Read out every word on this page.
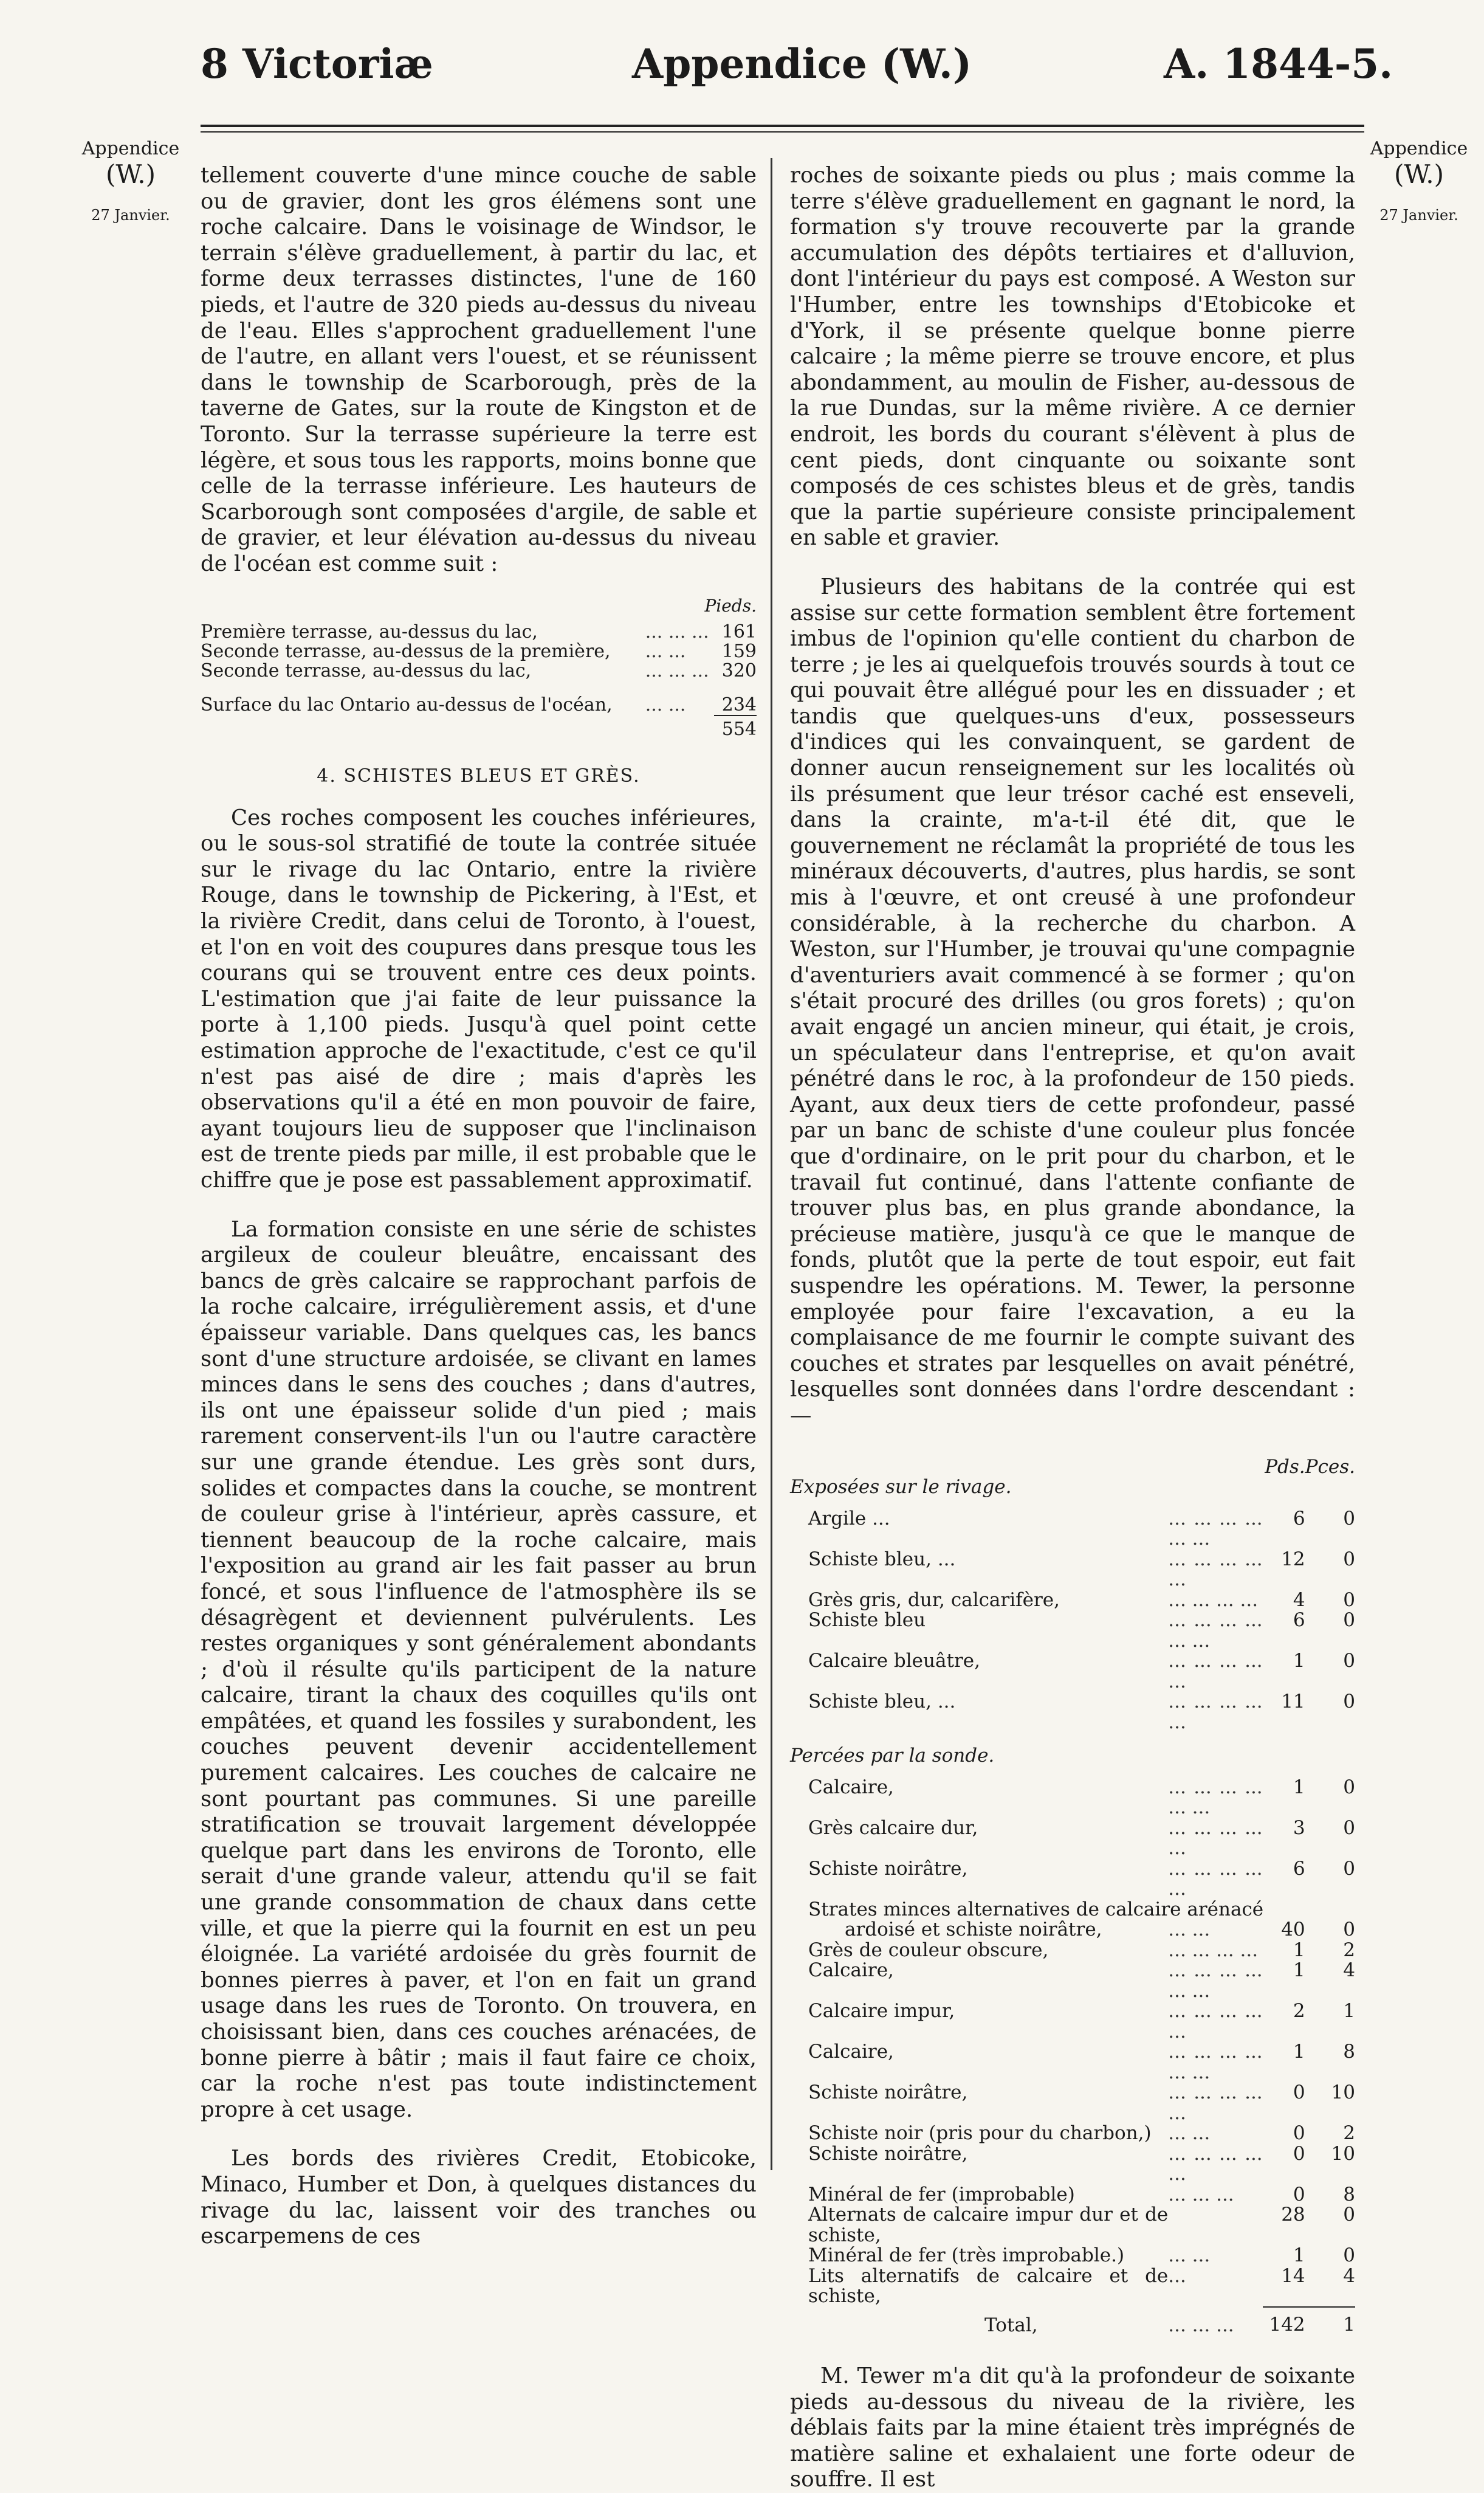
8 Victoriæ	Appendice (W.)	A. 1844-5.
Appendice
(W.)
27 Janvier.
Appendice
(W.)
27 Janvier.

tellement couverte d'une mince couche de sable ou de gravier, dont les gros élémens sont une roche calcaire. Dans le voisinage de Windsor, le terrain s'élève graduellement, à partir du lac, et forme deux terrasses distinctes, l'une de 160 pieds, et l'autre de 320 pieds au-dessus du niveau de l'eau. Elles s'approchent graduellement l'une de l'autre, en allant vers l'ouest, et se réunissent dans le township de Scarborough, près de la taverne de Gates, sur la route de Kingston et de Toronto. Sur la terrasse supérieure la terre est légère, et sous tous les rapports, moins bonne que celle de la terrasse inférieure. Les hauteurs de Scarborough sont composées d'argile, de sable et de gravier, et leur élévation au-dessus du niveau de l'océan est comme suit :

Pieds.
Première terrasse, au-dessus du lac,	... ... ...	161
Seconde terrasse, au-dessus de la première,	... ...	159
Seconde terrasse, au-dessus du lac,	... ... ...	320

Surface du lac Ontario au-dessus de l'océan,	... ...	234
		554
4. SCHISTES BLEUS ET GRÈS.

Ces roches composent les couches inférieures, ou le sous-sol stratifié de toute la contrée située sur le rivage du lac Ontario, entre la rivière Rouge, dans le township de Pickering, à l'Est, et la rivière Credit, dans celui de Toronto, à l'ouest, et l'on en voit des coupures dans presque tous les courans qui se trouvent entre ces deux points. L'estimation que j'ai faite de leur puissance la porte à 1,100 pieds. Jusqu'à quel point cette estimation approche de l'exactitude, c'est ce qu'il n'est pas aisé de dire ; mais d'après les observations qu'il a été en mon pouvoir de faire, ayant toujours lieu de supposer que l'inclinaison est de trente pieds par mille, il est probable que le chiffre que je pose est passablement approximatif.

La formation consiste en une série de schistes argileux de couleur bleuâtre, encaissant des bancs de grès calcaire se rapprochant parfois de la roche calcaire, irrégulièrement assis, et d'une épaisseur variable. Dans quelques cas, les bancs sont d'une structure ardoisée, se clivant en lames minces dans le sens des couches ; dans d'autres, ils ont une épaisseur solide d'un pied ; mais rarement conservent-ils l'un ou l'autre caractère sur une grande étendue. Les grès sont durs, solides et compactes dans la couche, se montrent de couleur grise à l'intérieur, après cassure, et tiennent beaucoup de la roche calcaire, mais l'exposition au grand air les fait passer au brun foncé, et sous l'influence de l'atmosphère ils se désagrègent et deviennent pulvérulents. Les restes organiques y sont généralement abondants ; d'où il résulte qu'ils participent de la nature calcaire, tirant la chaux des coquilles qu'ils ont empâtées, et quand les fossiles y surabondent, les couches peuvent devenir accidentellement purement calcaires. Les couches de calcaire ne sont pourtant pas communes. Si une pareille stratification se trouvait largement développée quelque part dans les environs de Toronto, elle serait d'une grande valeur, attendu qu'il se fait une grande consommation de chaux dans cette ville, et que la pierre qui la fournit en est un peu éloignée. La variété ardoisée du grès fournit de bonnes pierres à paver, et l'on en fait un grand usage dans les rues de Toronto. On trouvera, en choisissant bien, dans ces couches arénacées, de bonne pierre à bâtir ; mais il faut faire ce choix, car la roche n'est pas toute indistinctement propre à cet usage.

Les bords des rivières Credit, Etobicoke, Minaco, Humber et Don, à quelques distances du rivage du lac, laissent voir des tranches ou escarpemens de ces

roches de soixante pieds ou plus ; mais comme la terre s'élève graduellement en gagnant le nord, la formation s'y trouve recouverte par la grande accumulation des dépôts tertiaires et d'alluvion, dont l'intérieur du pays est composé. A Weston sur l'Humber, entre les townships d'Etobicoke et d'York, il se présente quelque bonne pierre calcaire ; la même pierre se trouve encore, et plus abondamment, au moulin de Fisher, au-dessous de la rue Dundas, sur la même rivière. A ce dernier endroit, les bords du courant s'élèvent à plus de cent pieds, dont cinquante ou soixante sont composés de ces schistes bleus et de grès, tandis que la partie supérieure consiste principalement en sable et gravier.

Plusieurs des habitans de la contrée qui est assise sur cette formation semblent être fortement imbus de l'opinion qu'elle contient du charbon de terre ; je les ai quelquefois trouvés sourds à tout ce qui pouvait être allégué pour les en dissuader ; et tandis que quelques-uns d'eux, possesseurs d'indices qui les convainquent, se gardent de donner aucun renseignement sur les localités où ils présument que leur trésor caché est enseveli, dans la crainte, m'a-t-il été dit, que le gouvernement ne réclamât la propriété de tous les minéraux découverts, d'autres, plus hardis, se sont mis à l'œuvre, et ont creusé à une profondeur considérable, à la recherche du charbon. A Weston, sur l'Humber, je trouvai qu'une compagnie d'aventuriers avait commencé à se former ; qu'on s'était procuré des drilles (ou gros forets) ; qu'on avait engagé un ancien mineur, qui était, je crois, un spéculateur dans l'entreprise, et qu'on avait pénétré dans le roc, à la profondeur de 150 pieds. Ayant, aux deux tiers de cette profondeur, passé par un banc de schiste d'une couleur plus foncée que d'ordinaire, on le prit pour du charbon, et le travail fut continué, dans l'attente confiante de trouver plus bas, en plus grande abondance, la précieuse matière, jusqu'à ce que le manque de fonds, plutôt que la perte de tout espoir, eut fait suspendre les opérations. M. Tewer, la personne employée pour faire l'excavation, a eu la complaisance de me fournir le compte suivant des couches et strates par lesquelles on avait pénétré, lesquelles sont données dans l'ordre descendant :—

		Pds.	Pces.
Exposées sur le rivage.			

Argile ...	... ... ... ... ... ...	6	0
Schiste bleu, ...	... ... ... ... ...	12	0
Grès gris, dur, calcarifère,	... ... ... ...	4	0
Schiste bleu	... ... ... ... ... ...	6	0
Calcaire bleuâtre,	... ... ... ... ...	1	0
Schiste bleu, ...	... ... ... ... ...	11	0

Percées par la sonde.			

Calcaire,	... ... ... ... ... ...	1	0
Grès calcaire dur,	... ... ... ... ...	3	0
Schiste noirâtre,	... ... ... ... ...	6	0
Strates minces alternatives de calcaire arénacé			
ardoisé et schiste noirâtre,	... ...	40	0
Grès de couleur obscure,	... ... ... ...	1	2
Calcaire,	... ... ... ... ... ...	1	4
Calcaire impur,	... ... ... ... ...	2	1
Calcaire,	... ... ... ... ... ...	1	8
Schiste noirâtre,	... ... ... ... ...	0	10
Schiste noir (pris pour du charbon,)	... ...	0	2
Schiste noirâtre,	... ... ... ... ...	0	10
Minéral de fer (improbable)	... ... ...	0	8
Alternats de calcaire impur dur et de schiste,		28	0
Minéral de fer (très improbable.)	... ...	1	0
Lits alternatifs de calcaire et de schiste,	...	14	4
Total,	... ... ...	142	1

M. Tewer m'a dit qu'à la profondeur de soixante pieds au-dessous du niveau de la rivière, les déblais faits par la mine étaient très imprégnés de matière saline et exhalaient une forte odeur de souffre. Il est
